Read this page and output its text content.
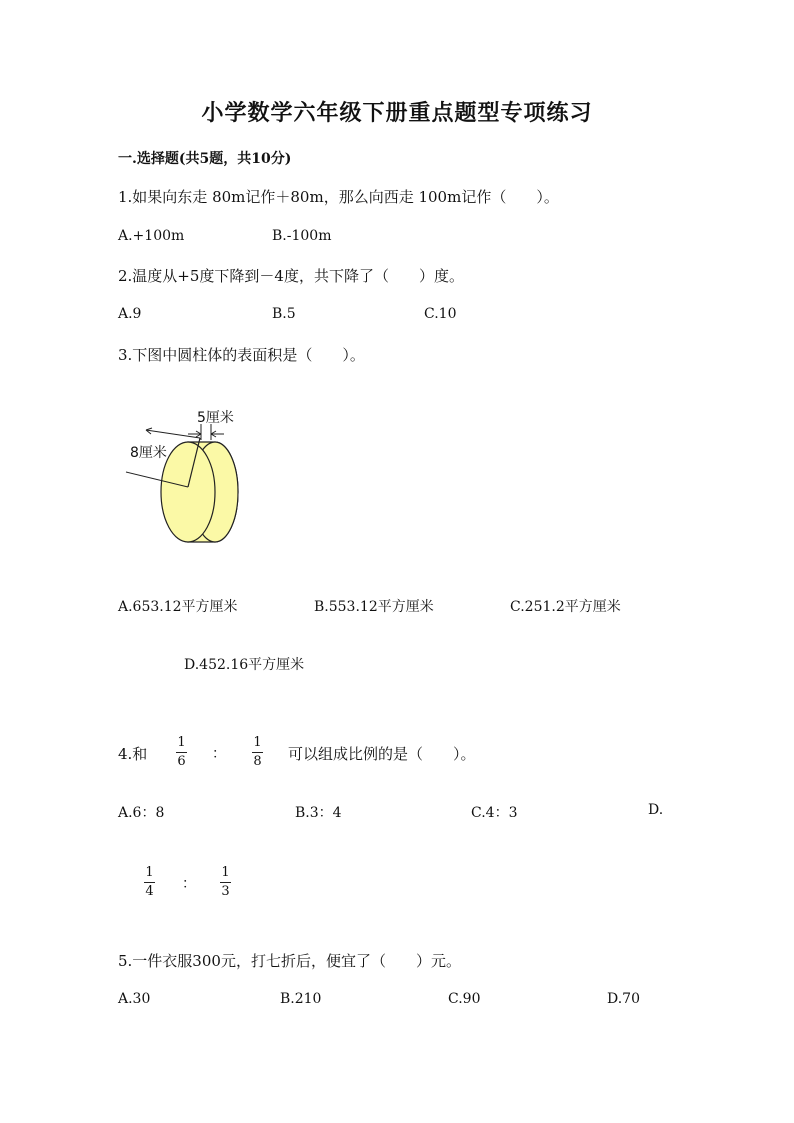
小学数学六年级下册重点题型专项练习
一.选择题(共5题，共10分)
1.如果向东走 80m记作＋80m，那么向西走 100m记作（　　）。
A.+100m	B.-100m
2.温度从+5度下降到－4度，共下降了（　　）度。
A.9	B.5	C.10
3.下图中圆柱体的表面积是（　　）。
5厘米
8厘米
A.653.12平方厘米	B.553.12平方厘米	C.251.2平方厘米
D.452.16平方厘米
4.和
1
6 ：
1
8 可以组成比例的是（　　）。
A.6：8	B.3：4	C.4：3	D.
1
4 ：
1
3
5.一件衣服300元，打七折后，便宜了（　　）元。
A.30	B.210	C.90	D.70
